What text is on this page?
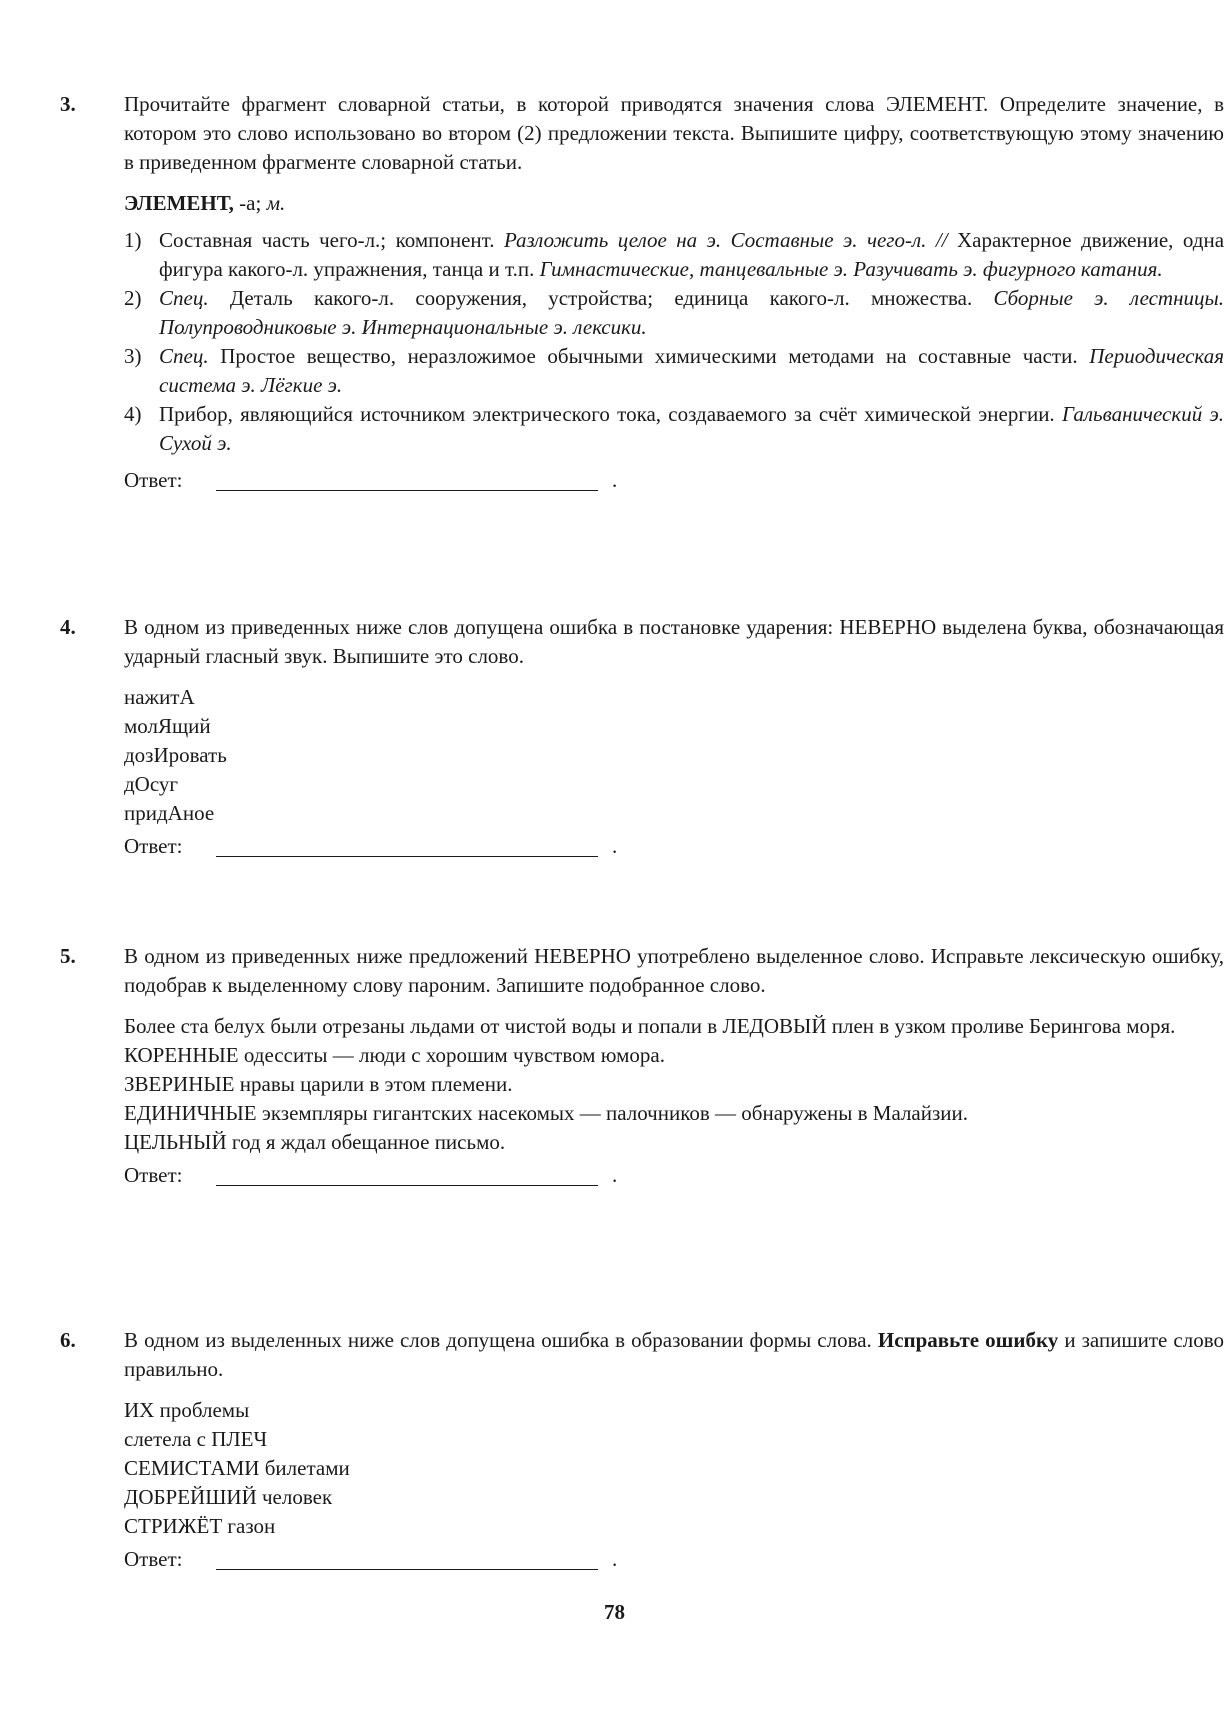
3. Прочитайте фрагмент словарной статьи, в которой приводятся значения слова ЭЛЕМЕНТ. Определите значение, в котором это слово использовано во втором (2) предложении текста. Выпишите цифру, соответствующую этому значению в приведенном фрагменте словарной статьи.

ЭЛЕМЕНТ, -а; м.

1) Составная часть чего-л.; компонент. Разложить целое на э. Составные э. чего-л. // Характерное движение, одна фигура какого-л. упражнения, танца и т.п. Гимнастические, танцевальные э. Разучивать э. фигурного катания.

2) Спец. Деталь какого-л. сооружения, устройства; единица какого-л. множества. Сборные э. лестницы. Полупроводниковые э. Интернациональные э. лексики.

3) Спец. Простое вещество, неразложимое обычными химическими методами на составные части. Периодическая система э. Лёгкие э.

4) Прибор, являющийся источником электрического тока, создаваемого за счёт химической энергии. Гальванический э. Сухой э.

Ответ:	.
4. В одном из приведенных ниже слов допущена ошибка в постановке ударения: НЕВЕРНО выделена буква, обозначающая ударный гласный звук. Выпишите это слово.

нажитА

молЯщий

дозИровать

дОсуг

придАное

Ответ:	.
5. В одном из приведенных ниже предложений НЕВЕРНО употреблено выделенное слово. Исправьте лексическую ошибку, подобрав к выделенному слову пароним. Запишите подобранное слово.

Более ста белух были отрезаны льдами от чистой воды и попали в ЛЕДОВЫЙ плен в узком проливе Берингова моря.

КОРЕННЫЕ одесситы — люди с хорошим чувством юмора.

ЗВЕРИНЫЕ нравы царили в этом племени.

ЕДИНИЧНЫЕ экземпляры гигантских насекомых — палочников — обнаружены в Малайзии.

ЦЕЛЬНЫЙ год я ждал обещанное письмо.

Ответ:	.
6. В одном из выделенных ниже слов допущена ошибка в образовании формы слова. Исправьте ошибку и запишите слово правильно.

ИХ проблемы

слетела с ПЛЕЧ

СЕМИСТАМИ билетами

ДОБРЕЙШИЙ человек

СТРИЖЁТ газон

Ответ:	.
78
